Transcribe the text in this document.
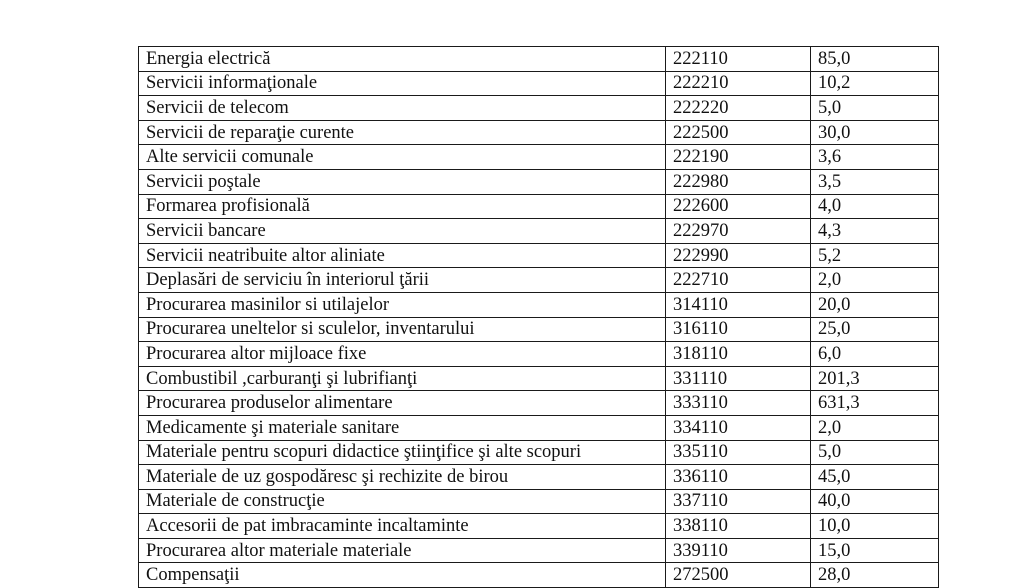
Energia electrică	222110	85,0
Servicii informaţionale	222210	10,2
Servicii de telecom	222220	5,0
Servicii de reparaţie curente	222500	30,0
Alte servicii comunale	222190	3,6
Servicii poştale	222980	3,5
Formarea profisională	222600	4,0
Servicii bancare	222970	4,3
Servicii neatribuite altor aliniate	222990	5,2
Deplasări de serviciu în interiorul ţării	222710	2,0
Procurarea masinilor si utilajelor	314110	20,0
Procurarea uneltelor si sculelor, inventarului	316110	25,0
Procurarea altor mijloace fixe	318110	6,0
Combustibil ,carburanţi şi lubrifianţi	331110	201,3
Procurarea produselor alimentare	333110	631,3
Medicamente şi materiale sanitare	334110	2,0
Materiale pentru scopuri didactice ştiinţifice şi alte scopuri	335110	5,0
Materiale de uz gospodăresc şi rechizite de birou	336110	45,0
Materiale de construcţie	337110	40,0
Accesorii de pat imbracaminte incaltaminte	338110	10,0
Procurarea altor materiale materiale	339110	15,0
Compensaţii	272500	28,0
